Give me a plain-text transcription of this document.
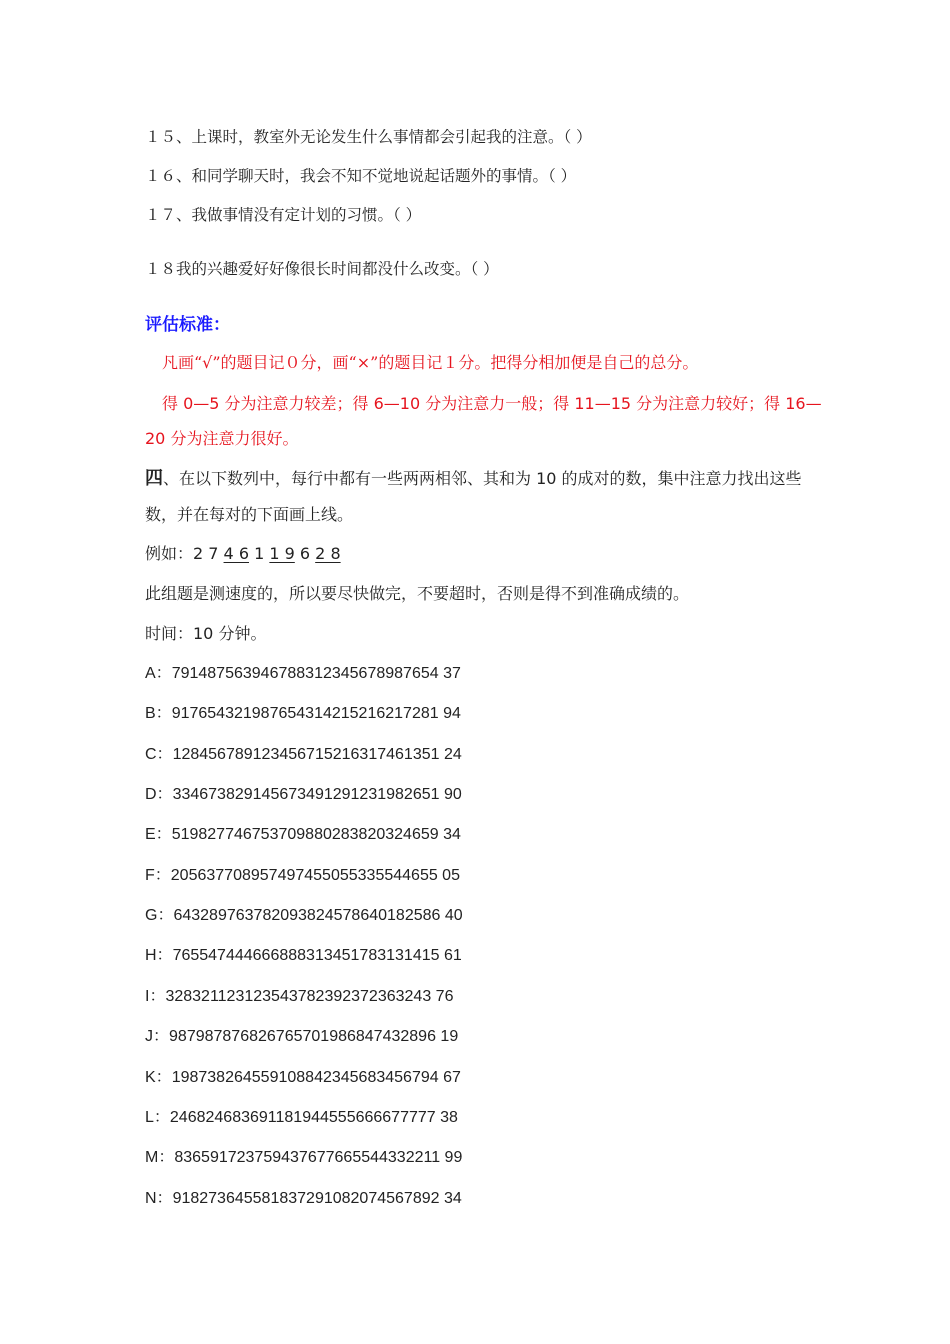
１５、上课时，教室外无论发生什么事情都会引起我的注意。（ ）
１６、和同学聊天时，我会不知不觉地说起话题外的事情。（ ）
１７、我做事情没有定计划的习惯。（ ）
１８我的兴趣爱好好像很长时间都没什么改变。（ ）
评估标准：
凡画“√”的题目记０分，画“×”的题目记１分。把得分相加便是自己的总分。
得 0—5 分为注意力较差；得 6—10 分为注意力一般；得 11—15 分为注意力较好；得 16—
20 分为注意力很好。
四、在以下数列中，每行中都有一些两两相邻、其和为 10 的成对的数，集中注意力找出这些
数，并在每对的下面画上线。
例如：2 7 4 6 1 1 9 6 2 8
此组题是测速度的，所以要尽快做完，不要超时，否则是得不到准确成绩的。
时间：10 分钟。
A：791487563946788312345678987654 37
B：917654321987654314215216217281 94
C：128456789123456715216317461351 24
D：334673829145673491291231982651 90
E：519827746753709880283820324659 34
F：205637708957497455055335544655 05
G：643289763782093824578640182586 40
H：765547444666888313451783131415 61
I：328321123123543782392372363243 76
J：987987876826765701986847432896 19
K：198738264559108842345683456794 67
L：246824683691181944555666677777 38
M：836591723759437677665544332211 99
N：918273645581837291082074567892 34
